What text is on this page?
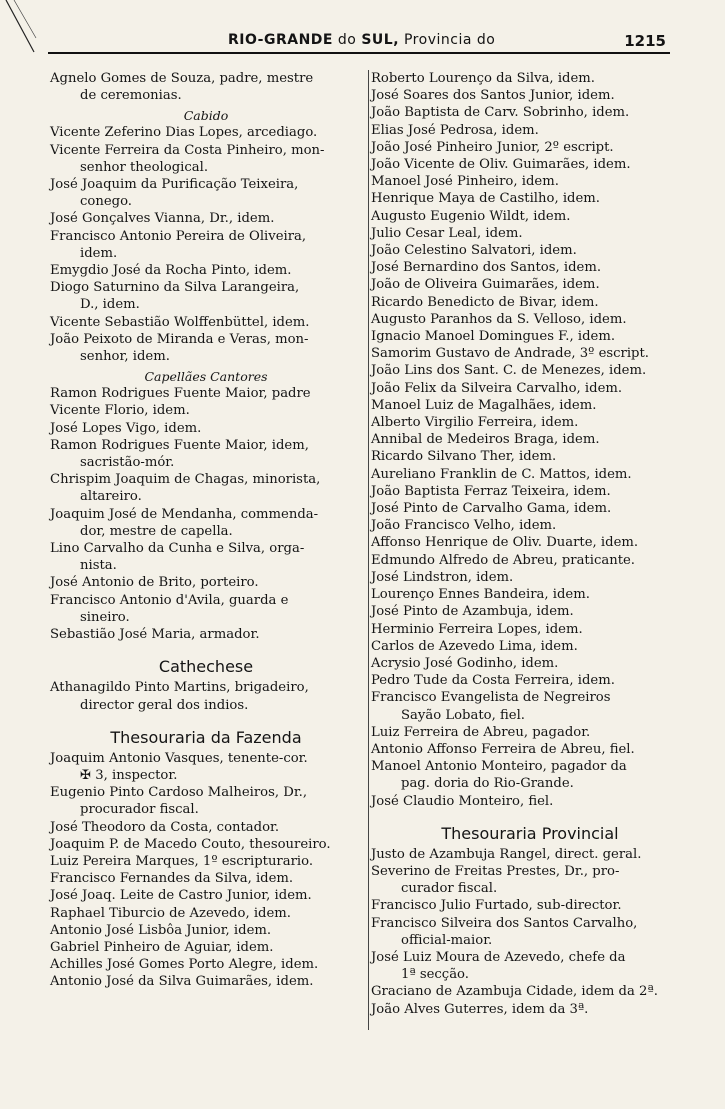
RIO-GRANDE do SUL, Provincia do	1215
Agnelo Gomes de Souza, padre, mestre
de ceremonias.
Cabido
Vicente Zeferino Dias Lopes, arcediago.
Vicente Ferreira da Costa Pinheiro, mon-
senhor theological.
José Joaquim da Purificação Teixeira,
conego.
José Gonçalves Vianna, Dr., idem.
Francisco Antonio Pereira de Oliveira,
idem.
Emygdio José da Rocha Pinto, idem.
Diogo Saturnino da Silva Larangeira,
D., idem.
Vicente Sebastião Wolffenbüttel, idem.
João Peixoto de Miranda e Veras, mon-
senhor, idem.
Capellães Cantores
Ramon Rodrigues Fuente Maior, padre
Vicente Florio, idem.
José Lopes Vigo, idem.
Ramon Rodrigues Fuente Maior, idem,
sacristão-mór.
Chrispim Joaquim de Chagas, minorista,
altareiro.
Joaquim José de Mendanha, commenda-
dor, mestre de capella.
Lino Carvalho da Cunha e Silva, orga-
nista.
José Antonio de Brito, porteiro.
Francisco Antonio d'Avila, guarda e
sineiro.
Sebastião José Maria, armador.
Cathechese
Athanagildo Pinto Martins, brigadeiro,
director geral dos indios.
Thesouraria da Fazenda
Joaquim Antonio Vasques, tenente-cor.
✠ 3, inspector.
Eugenio Pinto Cardoso Malheiros, Dr.,
procurador fiscal.
José Theodoro da Costa, contador.
Joaquim P. de Macedo Couto, thesoureiro.
Luiz Pereira Marques, 1º escripturario.
Francisco Fernandes da Silva, idem.
José Joaq. Leite de Castro Junior, idem.
Raphael Tiburcio de Azevedo, idem.
Antonio José Lisbôa Junior, idem.
Gabriel Pinheiro de Aguiar, idem.
Achilles José Gomes Porto Alegre, idem.
Antonio José da Silva Guimarães, idem.
Roberto Lourenço da Silva, idem.
José Soares dos Santos Junior, idem.
João Baptista de Carv. Sobrinho, idem.
Elias José Pedrosa, idem.
João José Pinheiro Junior, 2º escript.
João Vicente de Oliv. Guimarães, idem.
Manoel José Pinheiro, idem.
Henrique Maya de Castilho, idem.
Augusto Eugenio Wildt, idem.
Julio Cesar Leal, idem.
João Celestino Salvatori, idem.
José Bernardino dos Santos, idem.
João de Oliveira Guimarães, idem.
Ricardo Benedicto de Bivar, idem.
Augusto Paranhos da S. Velloso, idem.
Ignacio Manoel Domingues F., idem.
Samorim Gustavo de Andrade, 3º escript.
João Lins dos Sant. C. de Menezes, idem.
João Felix da Silveira Carvalho, idem.
Manoel Luiz de Magalhães, idem.
Alberto Virgilio Ferreira, idem.
Annibal de Medeiros Braga, idem.
Ricardo Silvano Ther, idem.
Aureliano Franklin de C. Mattos, idem.
João Baptista Ferraz Teixeira, idem.
José Pinto de Carvalho Gama, idem.
João Francisco Velho, idem.
Affonso Henrique de Oliv. Duarte, idem.
Edmundo Alfredo de Abreu, praticante.
José Lindstron, idem.
Lourenço Ennes Bandeira, idem.
José Pinto de Azambuja, idem.
Herminio Ferreira Lopes, idem.
Carlos de Azevedo Lima, idem.
Acrysio José Godinho, idem.
Pedro Tude da Costa Ferreira, idem.
Francisco Evangelista de Negreiros
Sayão Lobato, fiel.
Luiz Ferreira de Abreu, pagador.
Antonio Affonso Ferreira de Abreu, fiel.
Manoel Antonio Monteiro, pagador da
pag. doria do Rio-Grande.
José Claudio Monteiro, fiel.
Thesouraria Provincial
Justo de Azambuja Rangel, direct. geral.
Severino de Freitas Prestes, Dr., pro-
curador fiscal.
Francisco Julio Furtado, sub-director.
Francisco Silveira dos Santos Carvalho,
official-maior.
José Luiz Moura de Azevedo, chefe da
1ª secção.
Graciano de Azambuja Cidade, idem da 2ª.
João Alves Guterres, idem da 3ª.
